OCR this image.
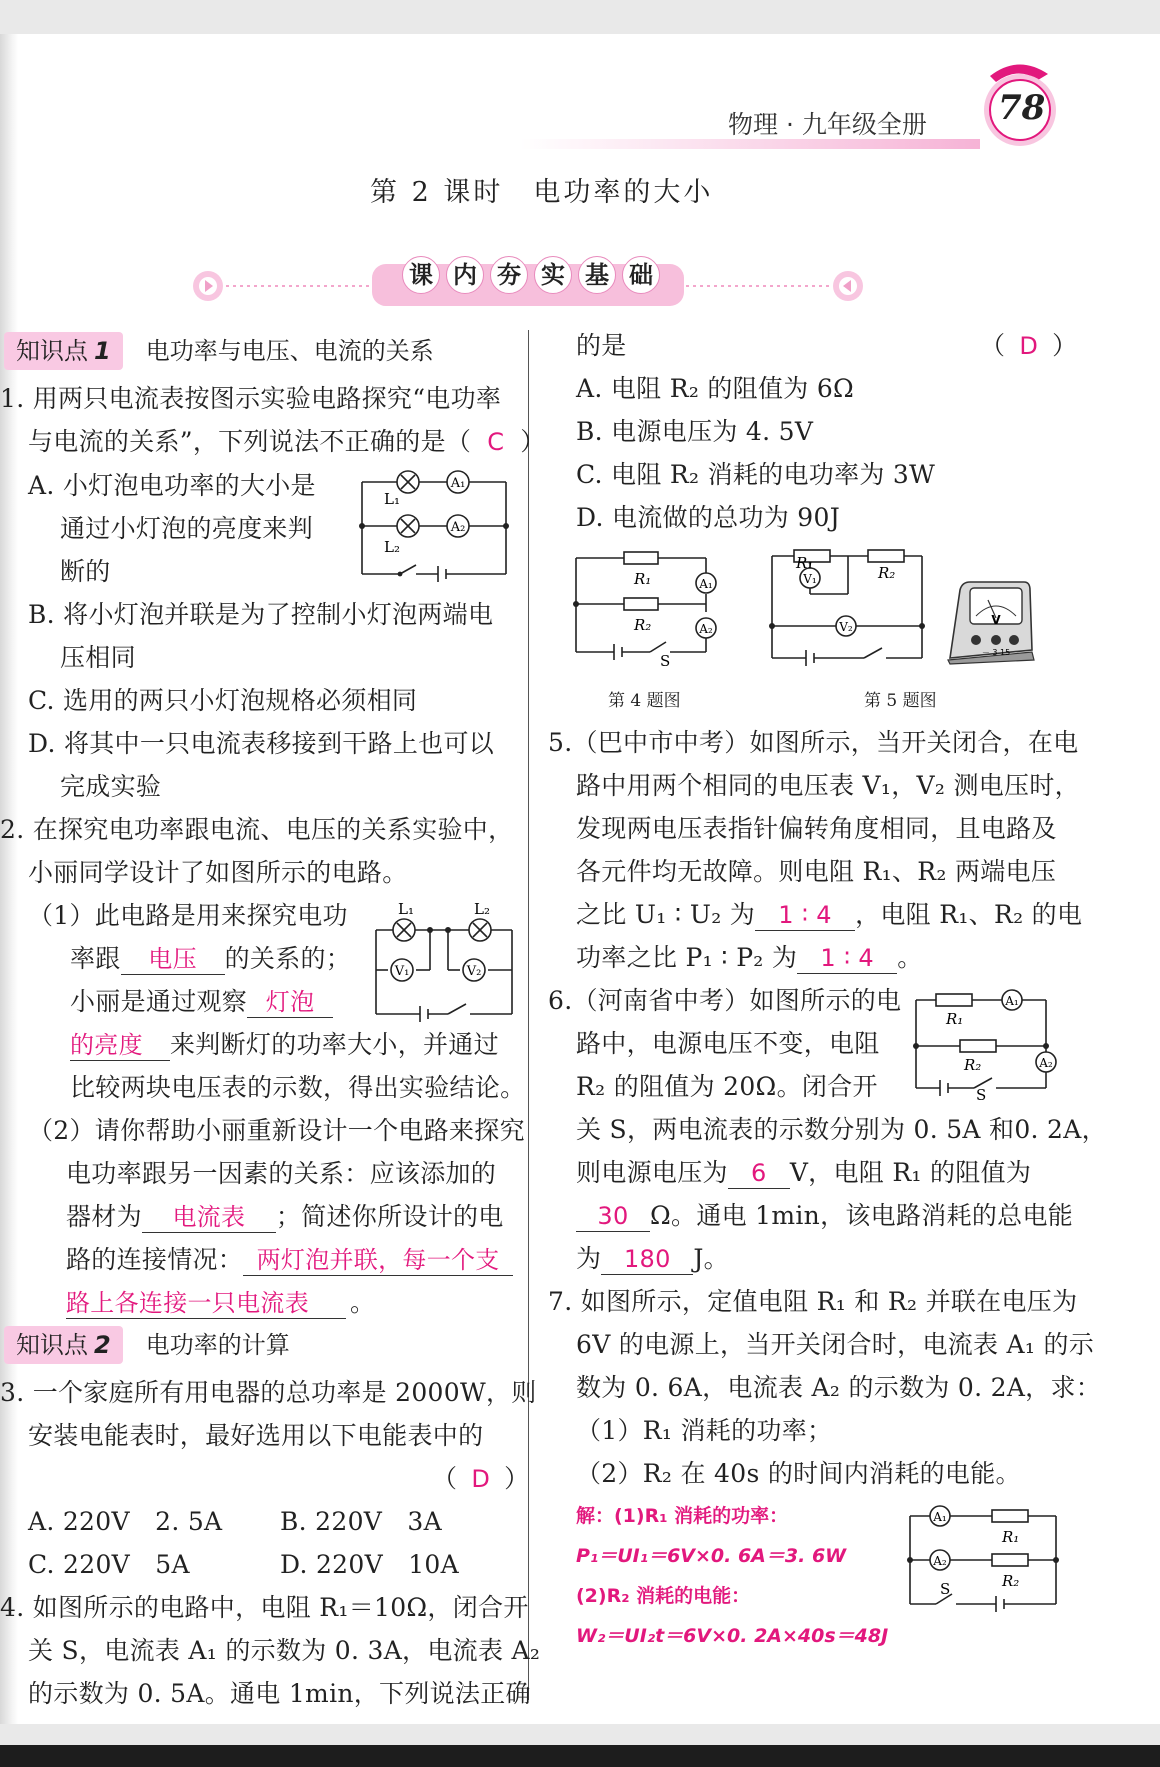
物理 · 九年级全册 78
第 2 课时　电功率的大小
课 内 夯 实 基 础
知识点 1 电功率与电压、电流的关系
1. 用两只电流表按图示实验电路探究“电功率
与电流的关系”，下列说法不正确的是（ C ）
A. 小灯泡电功率的大小是
通过小灯泡的亮度来判
断的
B. 将小灯泡并联是为了控制小灯泡两端电
压相同
C. 选用的两只小灯泡规格必须相同
D. 将其中一只电流表移接到干路上也可以
完成实验
A₁
A₂
L₁
L₂
2. 在探究电功率跟电流、电压的关系实验中，
小丽同学设计了如图所示的电路。
（1）此电路是用来探究电功
率跟 电压 的关系的；
小丽是通过观察 灯泡
的亮度 来判断灯的功率大小，并通过
比较两块电压表的示数，得出实验结论。
（2）请你帮助小丽重新设计一个电路来探究
电功率跟另一因素的关系：应该添加的
器材为 电流表 ；简述你所设计的电
路的连接情况： 两灯泡并联，每一个支
路上各连接一只电流表 。
V₁	V₂
L₁	L₂
知识点 2 电功率的计算
3. 一个家庭所有用电器的总功率是 2000W，则
安装电能表时，最好选用以下电能表中的
（ D ）
A. 220V　2. 5A B. 220V　3A
C. 220V　5A	D. 220V　10A
4. 如图所示的电路中，电阻 R₁＝10Ω，闭合开
关 S，电流表 A₁ 的示数为 0. 3A，电流表 A₂
的示数为 0. 5A。通电 1min，下列说法正确
的是	（ D ）
A. 电阻 R₂ 的阻值为 6Ω
B. 电源电压为 4. 5V
C. 电阻 R₂ 消耗的电功率为 3W
D. 电流做的总功为 90J
A₁
A₂
R₁
R₂
S
第 4 题图
V₁
V₂
R₁
R₂
V
－ 3 15
第 5 题图
5.（巴中市中考）如图所示，当开关闭合，在电
路中用两个相同的电压表 V₁，V₂ 测电压时，
发现两电压表指针偏转角度相同，且电路及
各元件均无故障。则电阻 R₁、R₂ 两端电压
之比 U₁ ∶ U₂ 为 1 ∶ 4 ，电阻 R₁、R₂ 的电
功率之比 P₁ ∶ P₂ 为 1 ∶ 4 。
6.（河南省中考）如图所示的电
路中，电源电压不变，电阻
R₂ 的阻值为 20Ω。闭合开
关 S，两电流表的示数分别为 0. 5A 和0. 2A，
则电源电压为 6 V，电阻 R₁ 的阻值为
30 Ω。通电 1min，该电路消耗的总电能
为 180 J。
A₁
A₂
R₁
R₂
S
7. 如图所示，定值电阻 R₁ 和 R₂ 并联在电压为
6V 的电源上，当开关闭合时，电流表 A₁ 的示
数为 0. 6A，电流表 A₂ 的示数为 0. 2A，求：
（1）R₁ 消耗的功率；
（2）R₂ 在 40s 的时间内消耗的电能。
解：(1)R₁ 消耗的功率：
P₁＝UI₁＝6V×0. 6A＝3. 6W
(2)R₂ 消耗的电能：
W₂＝UI₂t＝6V×0. 2A×40s＝48J
A₁
A₂
R₁
R₂
S
